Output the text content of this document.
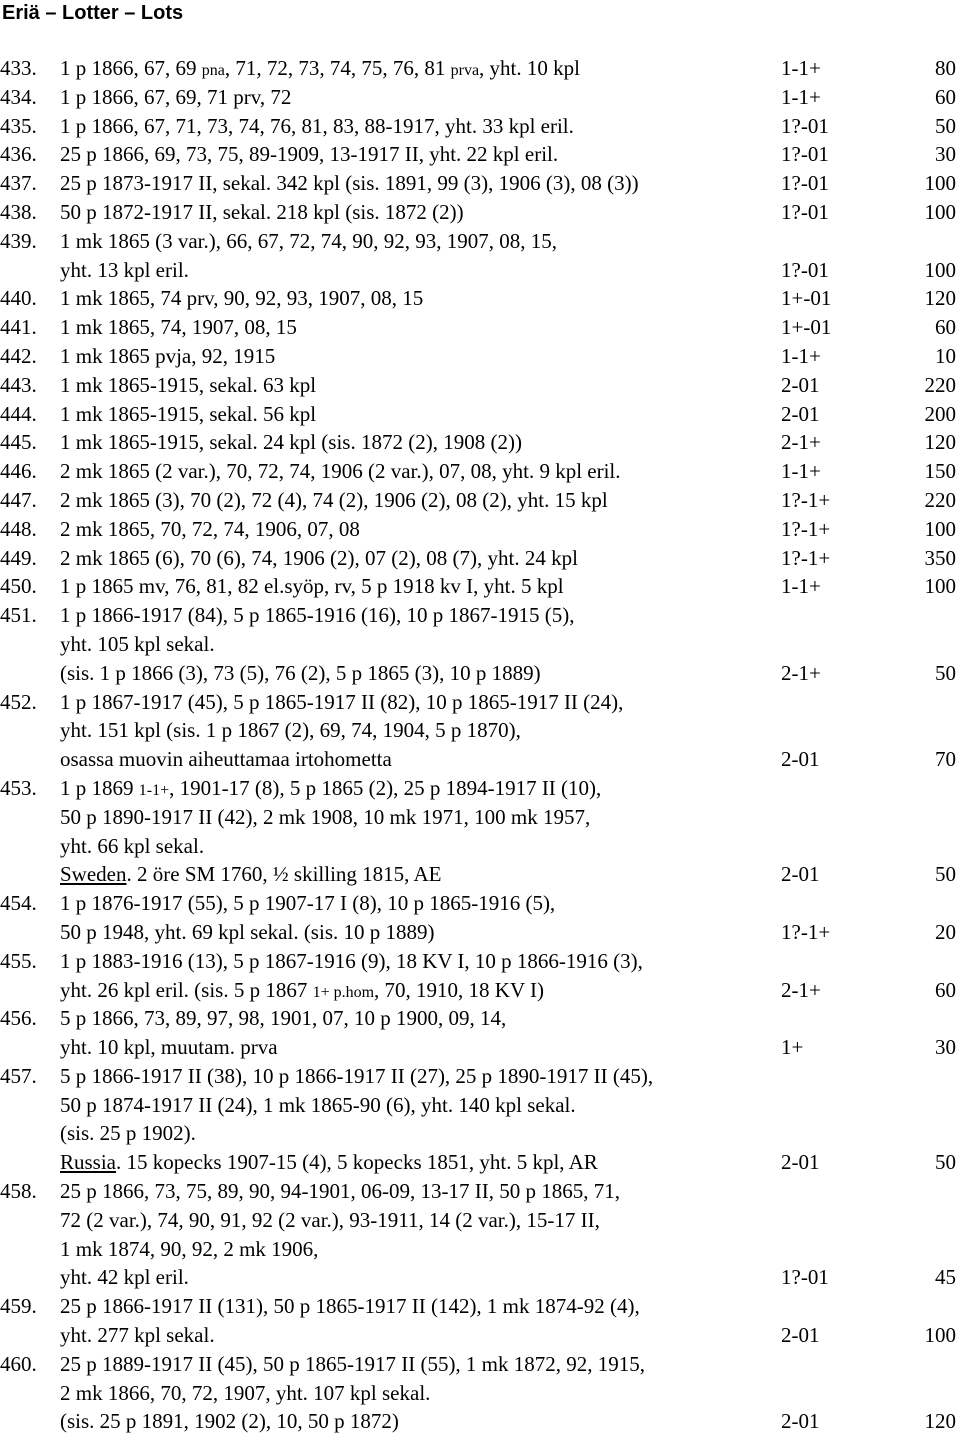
Eriä – Lotter – Lots
433. 1 p 1866, 67, 69 pna, 71, 72, 73, 74, 75, 76, 81 prva, yht. 10 kpl	1-1+	80
434. 1 p 1866, 67, 69, 71 prv, 72	1-1+	60
435. 1 p 1866, 67, 71, 73, 74, 76, 81, 83, 88-1917, yht. 33 kpl eril.	1?-01	50
436. 25 p 1866, 69, 73, 75, 89-1909, 13-1917 II, yht. 22 kpl eril.	1?-01	30
437. 25 p 1873-1917 II, sekal. 342 kpl (sis. 1891, 99 (3), 1906 (3), 08 (3))	1?-01	100
438. 50 p 1872-1917 II, sekal. 218 kpl (sis. 1872 (2))	1?-01	100
439. 1 mk 1865 (3 var.), 66, 67, 72, 74, 90, 92, 93, 1907, 08, 15,
yht. 13 kpl eril.	1?-01	100
440. 1 mk 1865, 74 prv, 90, 92, 93, 1907, 08, 15	1+-01	120
441. 1 mk 1865, 74, 1907, 08, 15	1+-01	60
442. 1 mk 1865 pvja, 92, 1915	1-1+	10
443. 1 mk 1865-1915, sekal. 63 kpl	2-01	220
444. 1 mk 1865-1915, sekal. 56 kpl	2-01	200
445. 1 mk 1865-1915, sekal. 24 kpl (sis. 1872 (2), 1908 (2))	2-1+	120
446. 2 mk 1865 (2 var.), 70, 72, 74, 1906 (2 var.), 07, 08, yht. 9 kpl eril.	1-1+	150
447. 2 mk 1865 (3), 70 (2), 72 (4), 74 (2), 1906 (2), 08 (2), yht. 15 kpl	1?-1+	220
448. 2 mk 1865, 70, 72, 74, 1906, 07, 08	1?-1+	100
449. 2 mk 1865 (6), 70 (6), 74, 1906 (2), 07 (2), 08 (7), yht. 24 kpl	1?-1+	350
450. 1 p 1865 mv, 76, 81, 82 el.syöp, rv, 5 p 1918 kv I, yht. 5 kpl	1-1+	100
451. 1 p 1866-1917 (84), 5 p 1865-1916 (16), 10 p 1867-1915 (5),
yht. 105 kpl sekal.
(sis. 1 p 1866 (3), 73 (5), 76 (2), 5 p 1865 (3), 10 p 1889)	2-1+	50
452. 1 p 1867-1917 (45), 5 p 1865-1917 II (82), 10 p 1865-1917 II (24),
yht. 151 kpl (sis. 1 p 1867 (2), 69, 74, 1904, 5 p 1870),
osassa muovin aiheuttamaa irtohometta	2-01	70
453. 1 p 1869 1-1+, 1901-17 (8), 5 p 1865 (2), 25 p 1894-1917 II (10),
50 p 1890-1917 II (42), 2 mk 1908, 10 mk 1971, 100 mk 1957,
yht. 66 kpl sekal.
Sweden. 2 öre SM 1760, ½ skilling 1815, AE	2-01	50
454. 1 p 1876-1917 (55), 5 p 1907-17 I (8), 10 p 1865-1916 (5),
50 p 1948, yht. 69 kpl sekal. (sis. 10 p 1889)	1?-1+	20
455. 1 p 1883-1916 (13), 5 p 1867-1916 (9), 18 KV I, 10 p 1866-1916 (3),
yht. 26 kpl eril. (sis. 5 p 1867 1+ p.hom, 70, 1910, 18 KV I)	2-1+	60
456. 5 p 1866, 73, 89, 97, 98, 1901, 07, 10 p 1900, 09, 14,
yht. 10 kpl, muutam. prva	1+	30
457. 5 p 1866-1917 II (38), 10 p 1866-1917 II (27), 25 p 1890-1917 II (45),
50 p 1874-1917 II (24), 1 mk 1865-90 (6), yht. 140 kpl sekal.
(sis. 25 p 1902).
Russia. 15 kopecks 1907-15 (4), 5 kopecks 1851, yht. 5 kpl, AR	2-01	50
458. 25 p 1866, 73, 75, 89, 90, 94-1901, 06-09, 13-17 II, 50 p 1865, 71,
72 (2 var.), 74, 90, 91, 92 (2 var.), 93-1911, 14 (2 var.), 15-17 II,
1 mk 1874, 90, 92, 2 mk 1906,
yht. 42 kpl eril.	1?-01	45
459. 25 p 1866-1917 II (131), 50 p 1865-1917 II (142), 1 mk 1874-92 (4),
yht. 277 kpl sekal.	2-01	100
460. 25 p 1889-1917 II (45), 50 p 1865-1917 II (55), 1 mk 1872, 92, 1915,
2 mk 1866, 70, 72, 1907, yht. 107 kpl sekal.
(sis. 25 p 1891, 1902 (2), 10, 50 p 1872)	2-01	120
